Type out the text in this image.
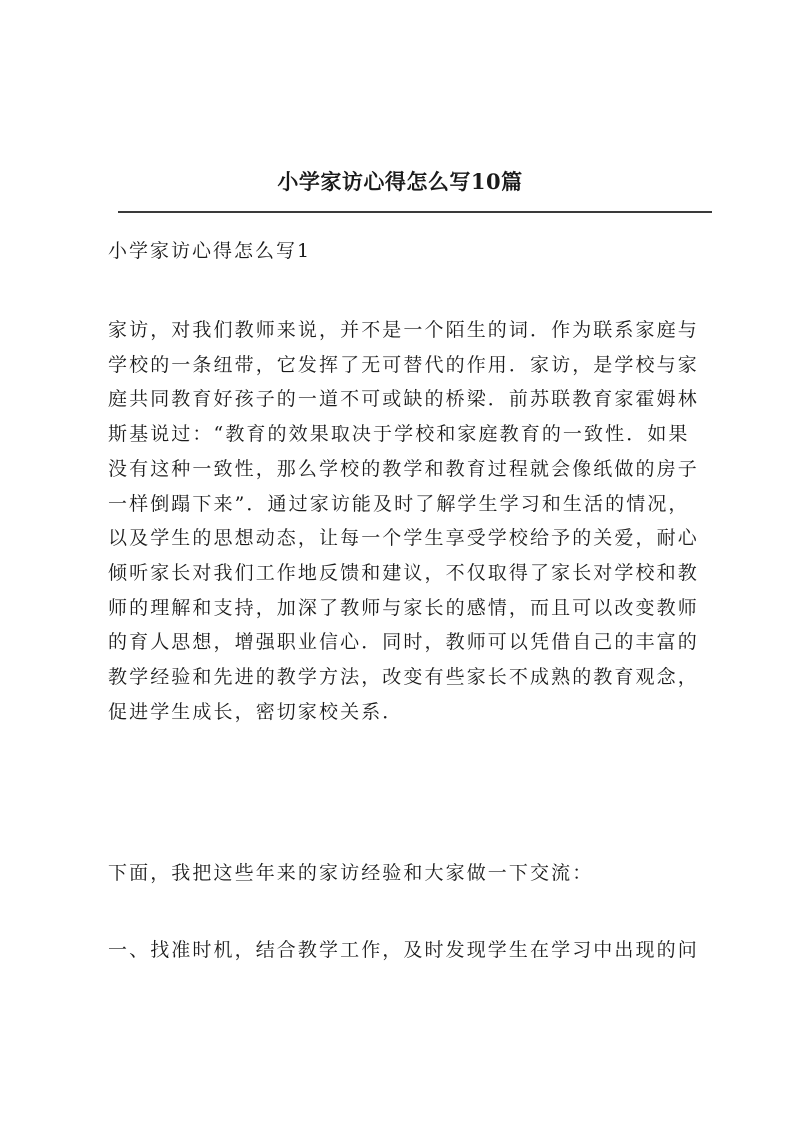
小学家访心得怎么写10篇
小学家访心得怎么写1
家访，对我们教师来说，并不是一个陌生的词．作为联系家庭与
学校的一条纽带，它发挥了无可替代的作用．家访，是学校与家
庭共同教育好孩子的一道不可或缺的桥梁．前苏联教育家霍姆林
斯基说过：“教育的效果取决于学校和家庭教育的一致性．如果
没有这种一致性，那么学校的教学和教育过程就会像纸做的房子
一样倒蹋下来”．通过家访能及时了解学生学习和生活的情况，
以及学生的思想动态，让每一个学生享受学校给予的关爱，耐心
倾听家长对我们工作地反馈和建议，不仅取得了家长对学校和教
师的理解和支持，加深了教师与家长的感情，而且可以改变教师
的育人思想，增强职业信心．同时，教师可以凭借自己的丰富的
教学经验和先进的教学方法，改变有些家长不成熟的教育观念，
促进学生成长，密切家校关系．
下面，我把这些年来的家访经验和大家做一下交流：
一、找准时机，结合教学工作，及时发现学生在学习中出现的问
